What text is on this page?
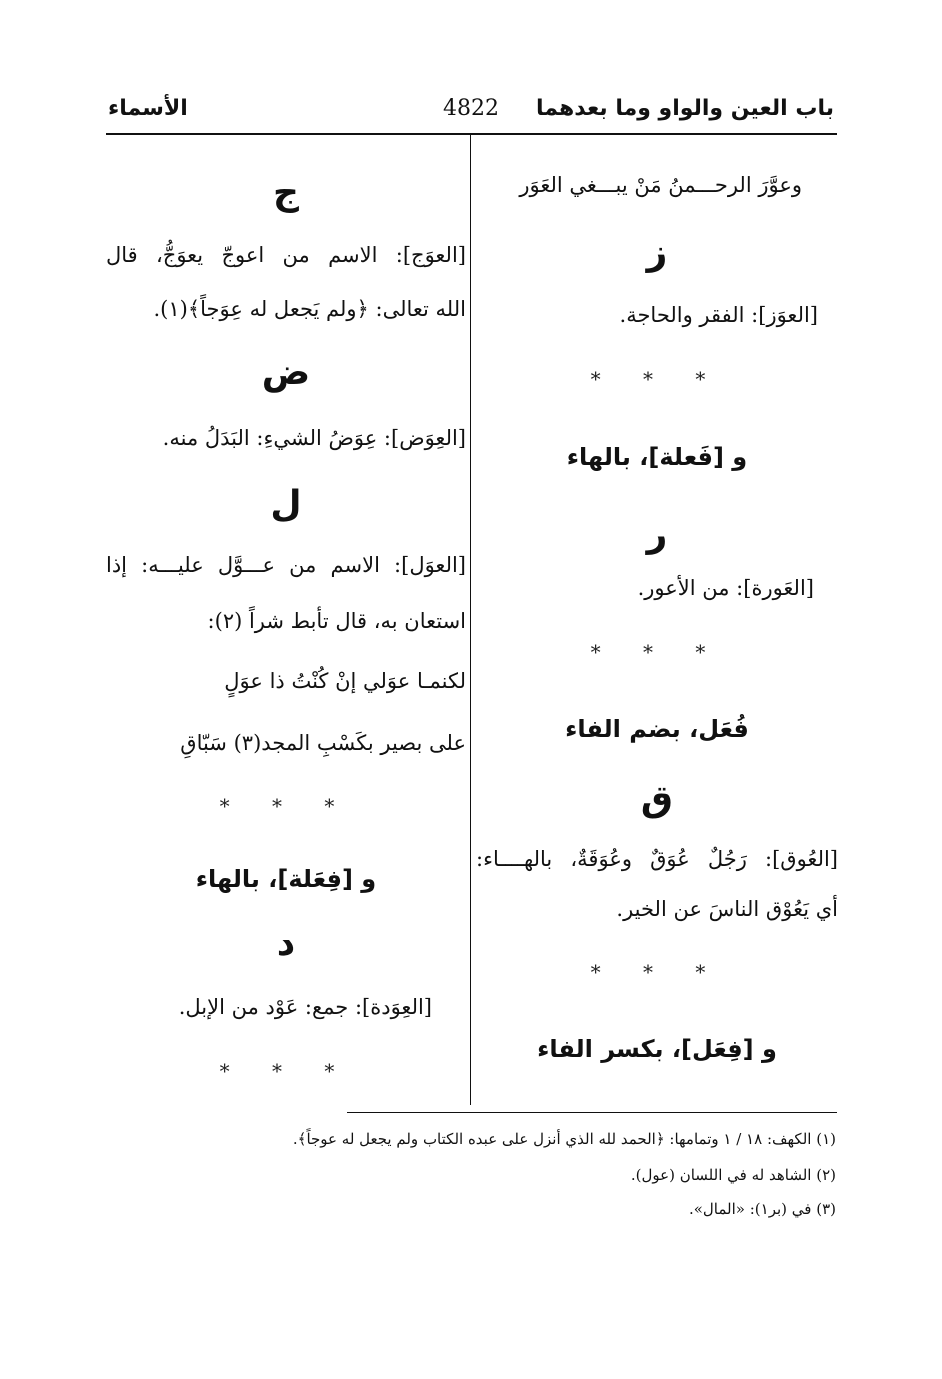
باب العين والواو وما بعدهما
4822
الأسماء
وعوَّرَ الرحـــمنُ مَنْ يبـــغي العَوَر
ز
[العوَز]: الفقر والحاجة.
* * *
و [فَعلة]، بالهاء
ر
[العَورة]: من الأعور.
* * *
فُعَل، بضم الفاء
ق
[العُوق]: رَجُلٌ عُوَقٌ وعُوَقَةٌ، بالهــــاء:
أي يَعُوْق الناسَ عن الخير.
* * *
و [فِعَل]، بكسر الفاء
ج
[العوَج]: الاسم من اعوجّ يعوَجُّ، قال
الله تعالى: ﴿ولم يَجعل له عِوَجاً﴾(١).
ض
[العِوَض]: عِوَضُ الشيءِ: البَدَلُ منه.
ل
[العوَل]: الاسم من عـــوَّل عليـــه: إذا
استعان به، قال تأبط شراً (٢):
لكنمـا عوَلي إنْ كُنْتُ ذا عوَلٍ
على بصير بكَسْبِ المجد(٣) سَبّاقِ
* * *
و [فِعَلة]، بالهاء
د
[العِوَدة]: جمع: عَوْد من الإبل.
* * *
(١) الكهف: ١٨ / ١ وتمامها: ﴿الحمد لله الذي أنزل على عبده الكتاب ولم يجعل له عوجاً﴾.
(٢) الشاهد له في اللسان (عول).
(٣) في (بر١): «المال».
